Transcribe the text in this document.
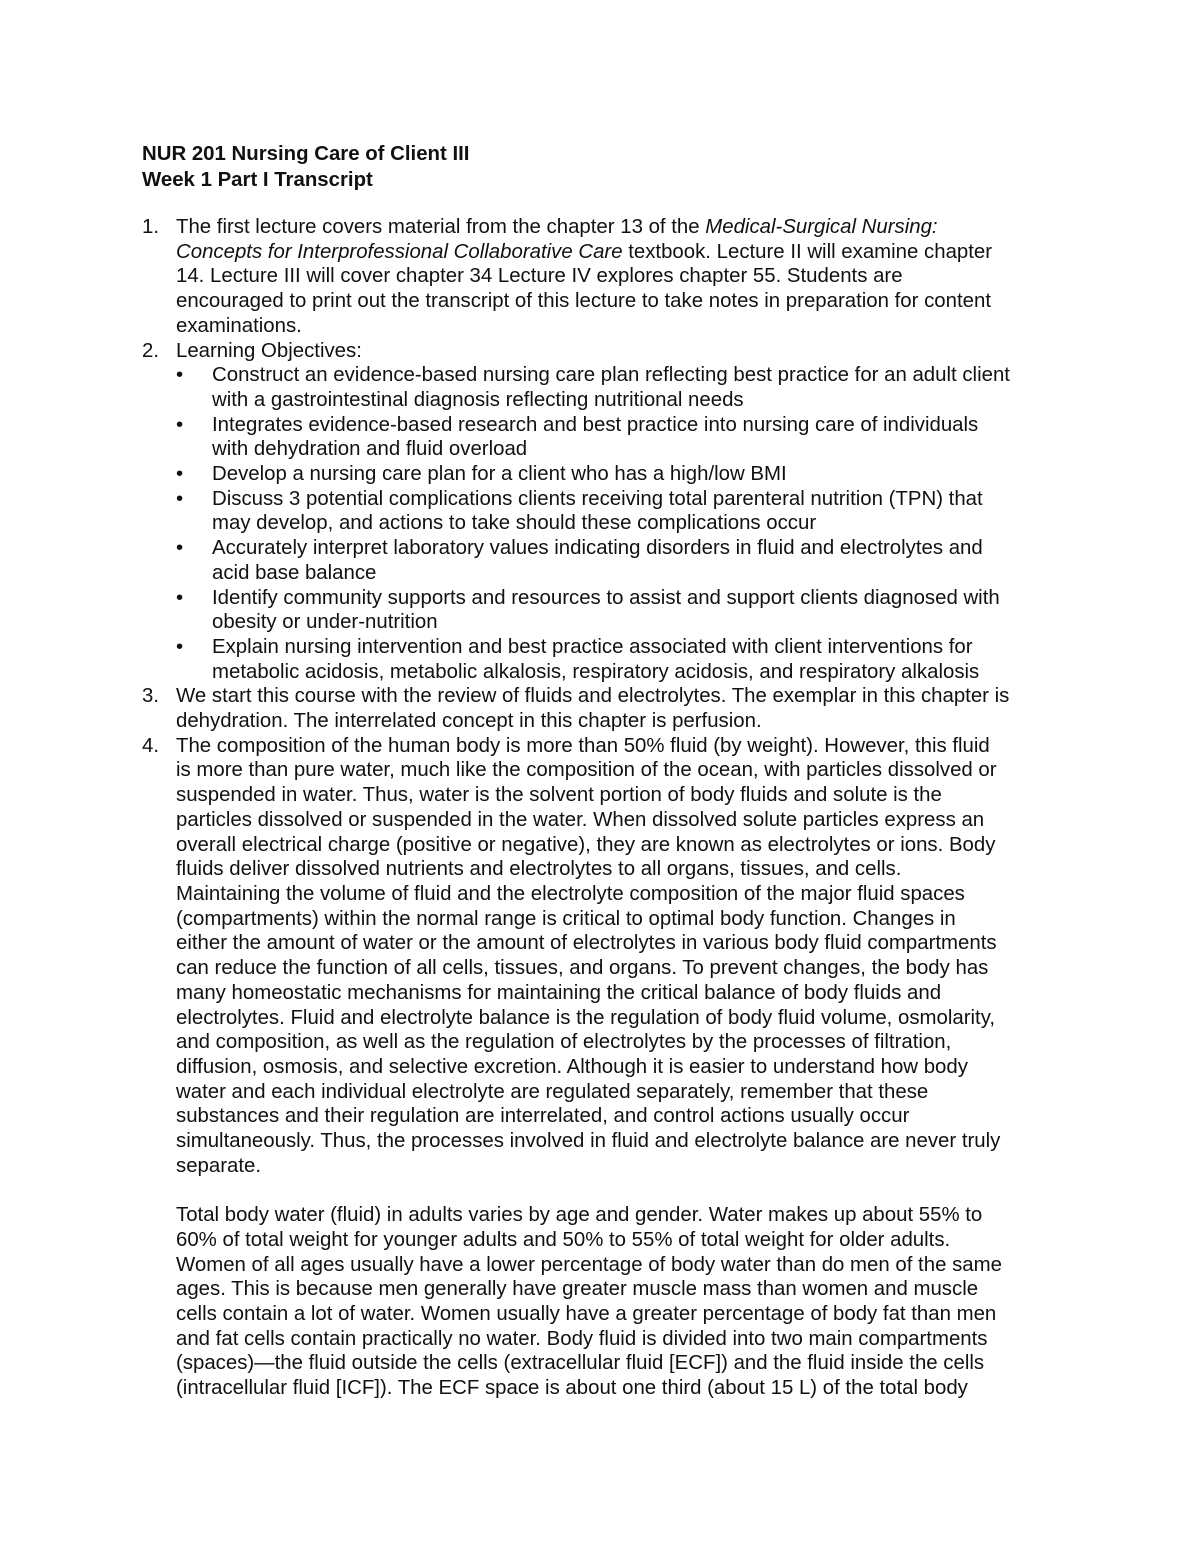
NUR 201 Nursing Care of Client III
Week 1 Part I Transcript
1. The first lecture covers material from the chapter 13 of the Medical-Surgical Nursing:
Concepts for Interprofessional Collaborative Care textbook. Lecture II will examine chapter
14. Lecture III will cover chapter 34 Lecture IV explores chapter 55. Students are
encouraged to print out the transcript of this lecture to take notes in preparation for content
examinations.
2. Learning Objectives:
•	Construct an evidence-based nursing care plan reflecting best practice for an adult client
with a gastrointestinal diagnosis reflecting nutritional needs
•	Integrates evidence-based research and best practice into nursing care of individuals
with dehydration and fluid overload
•	Develop a nursing care plan for a client who has a high/low BMI
•	Discuss 3 potential complications clients receiving total parenteral nutrition (TPN) that
may develop, and actions to take should these complications occur
•	Accurately interpret laboratory values indicating disorders in fluid and electrolytes and
acid base balance
•	Identify community supports and resources to assist and support clients diagnosed with
obesity or under-nutrition
•	Explain nursing intervention and best practice associated with client interventions for
metabolic acidosis, metabolic alkalosis, respiratory acidosis, and respiratory alkalosis
3. We start this course with the review of fluids and electrolytes. The exemplar in this chapter is
dehydration. The interrelated concept in this chapter is perfusion.
4. The composition of the human body is more than 50% fluid (by weight). However, this fluid
is more than pure water, much like the composition of the ocean, with particles dissolved or
suspended in water. Thus, water is the solvent portion of body fluids and solute is the
particles dissolved or suspended in the water. When dissolved solute particles express an
overall electrical charge (positive or negative), they are known as electrolytes or ions. Body
fluids deliver dissolved nutrients and electrolytes to all organs, tissues, and cells.
Maintaining the volume of fluid and the electrolyte composition of the major fluid spaces
(compartments) within the normal range is critical to optimal body function. Changes in
either the amount of water or the amount of electrolytes in various body fluid compartments
can reduce the function of all cells, tissues, and organs. To prevent changes, the body has
many homeostatic mechanisms for maintaining the critical balance of body fluids and
electrolytes. Fluid and electrolyte balance is the regulation of body fluid volume, osmolarity,
and composition, as well as the regulation of electrolytes by the processes of filtration,
diffusion, osmosis, and selective excretion. Although it is easier to understand how body
water and each individual electrolyte are regulated separately, remember that these
substances and their regulation are interrelated, and control actions usually occur
simultaneously. Thus, the processes involved in fluid and electrolyte balance are never truly
separate.
Total body water (fluid) in adults varies by age and gender. Water makes up about 55% to
60% of total weight for younger adults and 50% to 55% of total weight for older adults.
Women of all ages usually have a lower percentage of body water than do men of the same
ages. This is because men generally have greater muscle mass than women and muscle
cells contain a lot of water. Women usually have a greater percentage of body fat than men
and fat cells contain practically no water. Body fluid is divided into two main compartments
(spaces)—the fluid outside the cells (extracellular fluid [ECF]) and the fluid inside the cells
(intracellular fluid [ICF]). The ECF space is about one third (about 15 L) of the total body
